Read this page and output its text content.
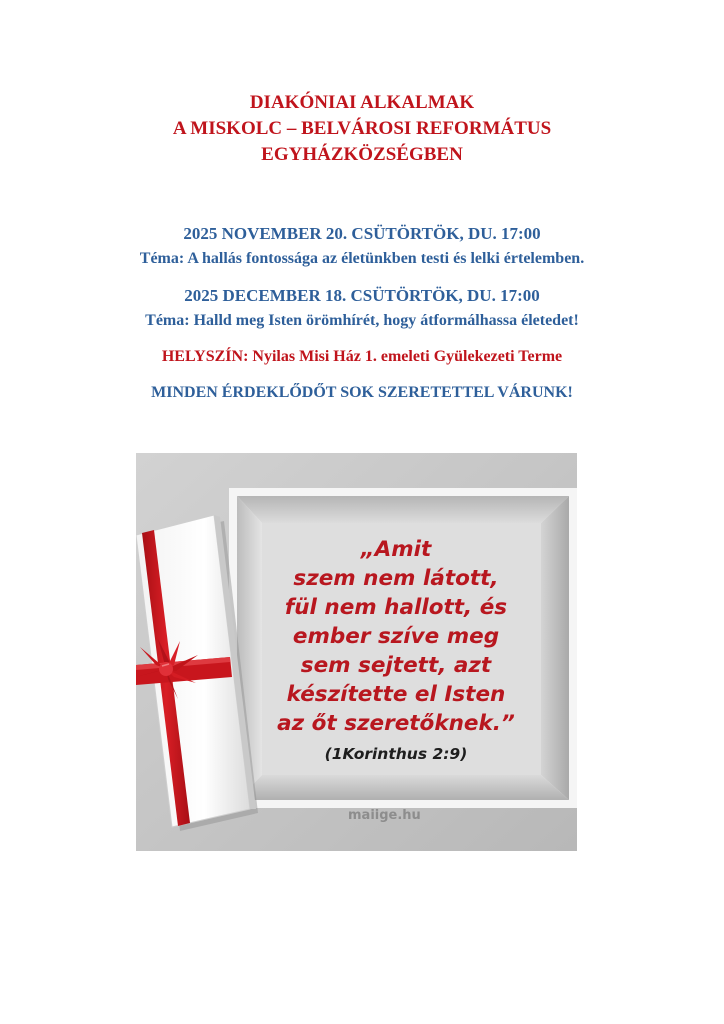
DIAKÓNIAI ALKALMAK
A MISKOLC – BELVÁROSI REFORMÁTUS
EGYHÁZKÖZSÉGBEN
2025 NOVEMBER 20. CSÜTÖRTÖK, DU. 17:00
Téma: A hallás fontossága az életünkben testi és lelki értelemben.
2025 DECEMBER 18. CSÜTÖRTÖK, DU. 17:00
Téma: Halld meg Isten örömhírét, hogy átformálhassa életedet!
HELYSZÍN: Nyilas Misi Ház 1. emeleti Gyülekezeti Terme
MINDEN ÉRDEKLŐDŐT SOK SZERETETTEL VÁRUNK!
„Amit
szem nem látott,
fül nem hallott, és
ember szíve meg
sem sejtett, azt
készítette el Isten
az őt szeretőknek.”
(1Korinthus 2:9)
maiige.hu
